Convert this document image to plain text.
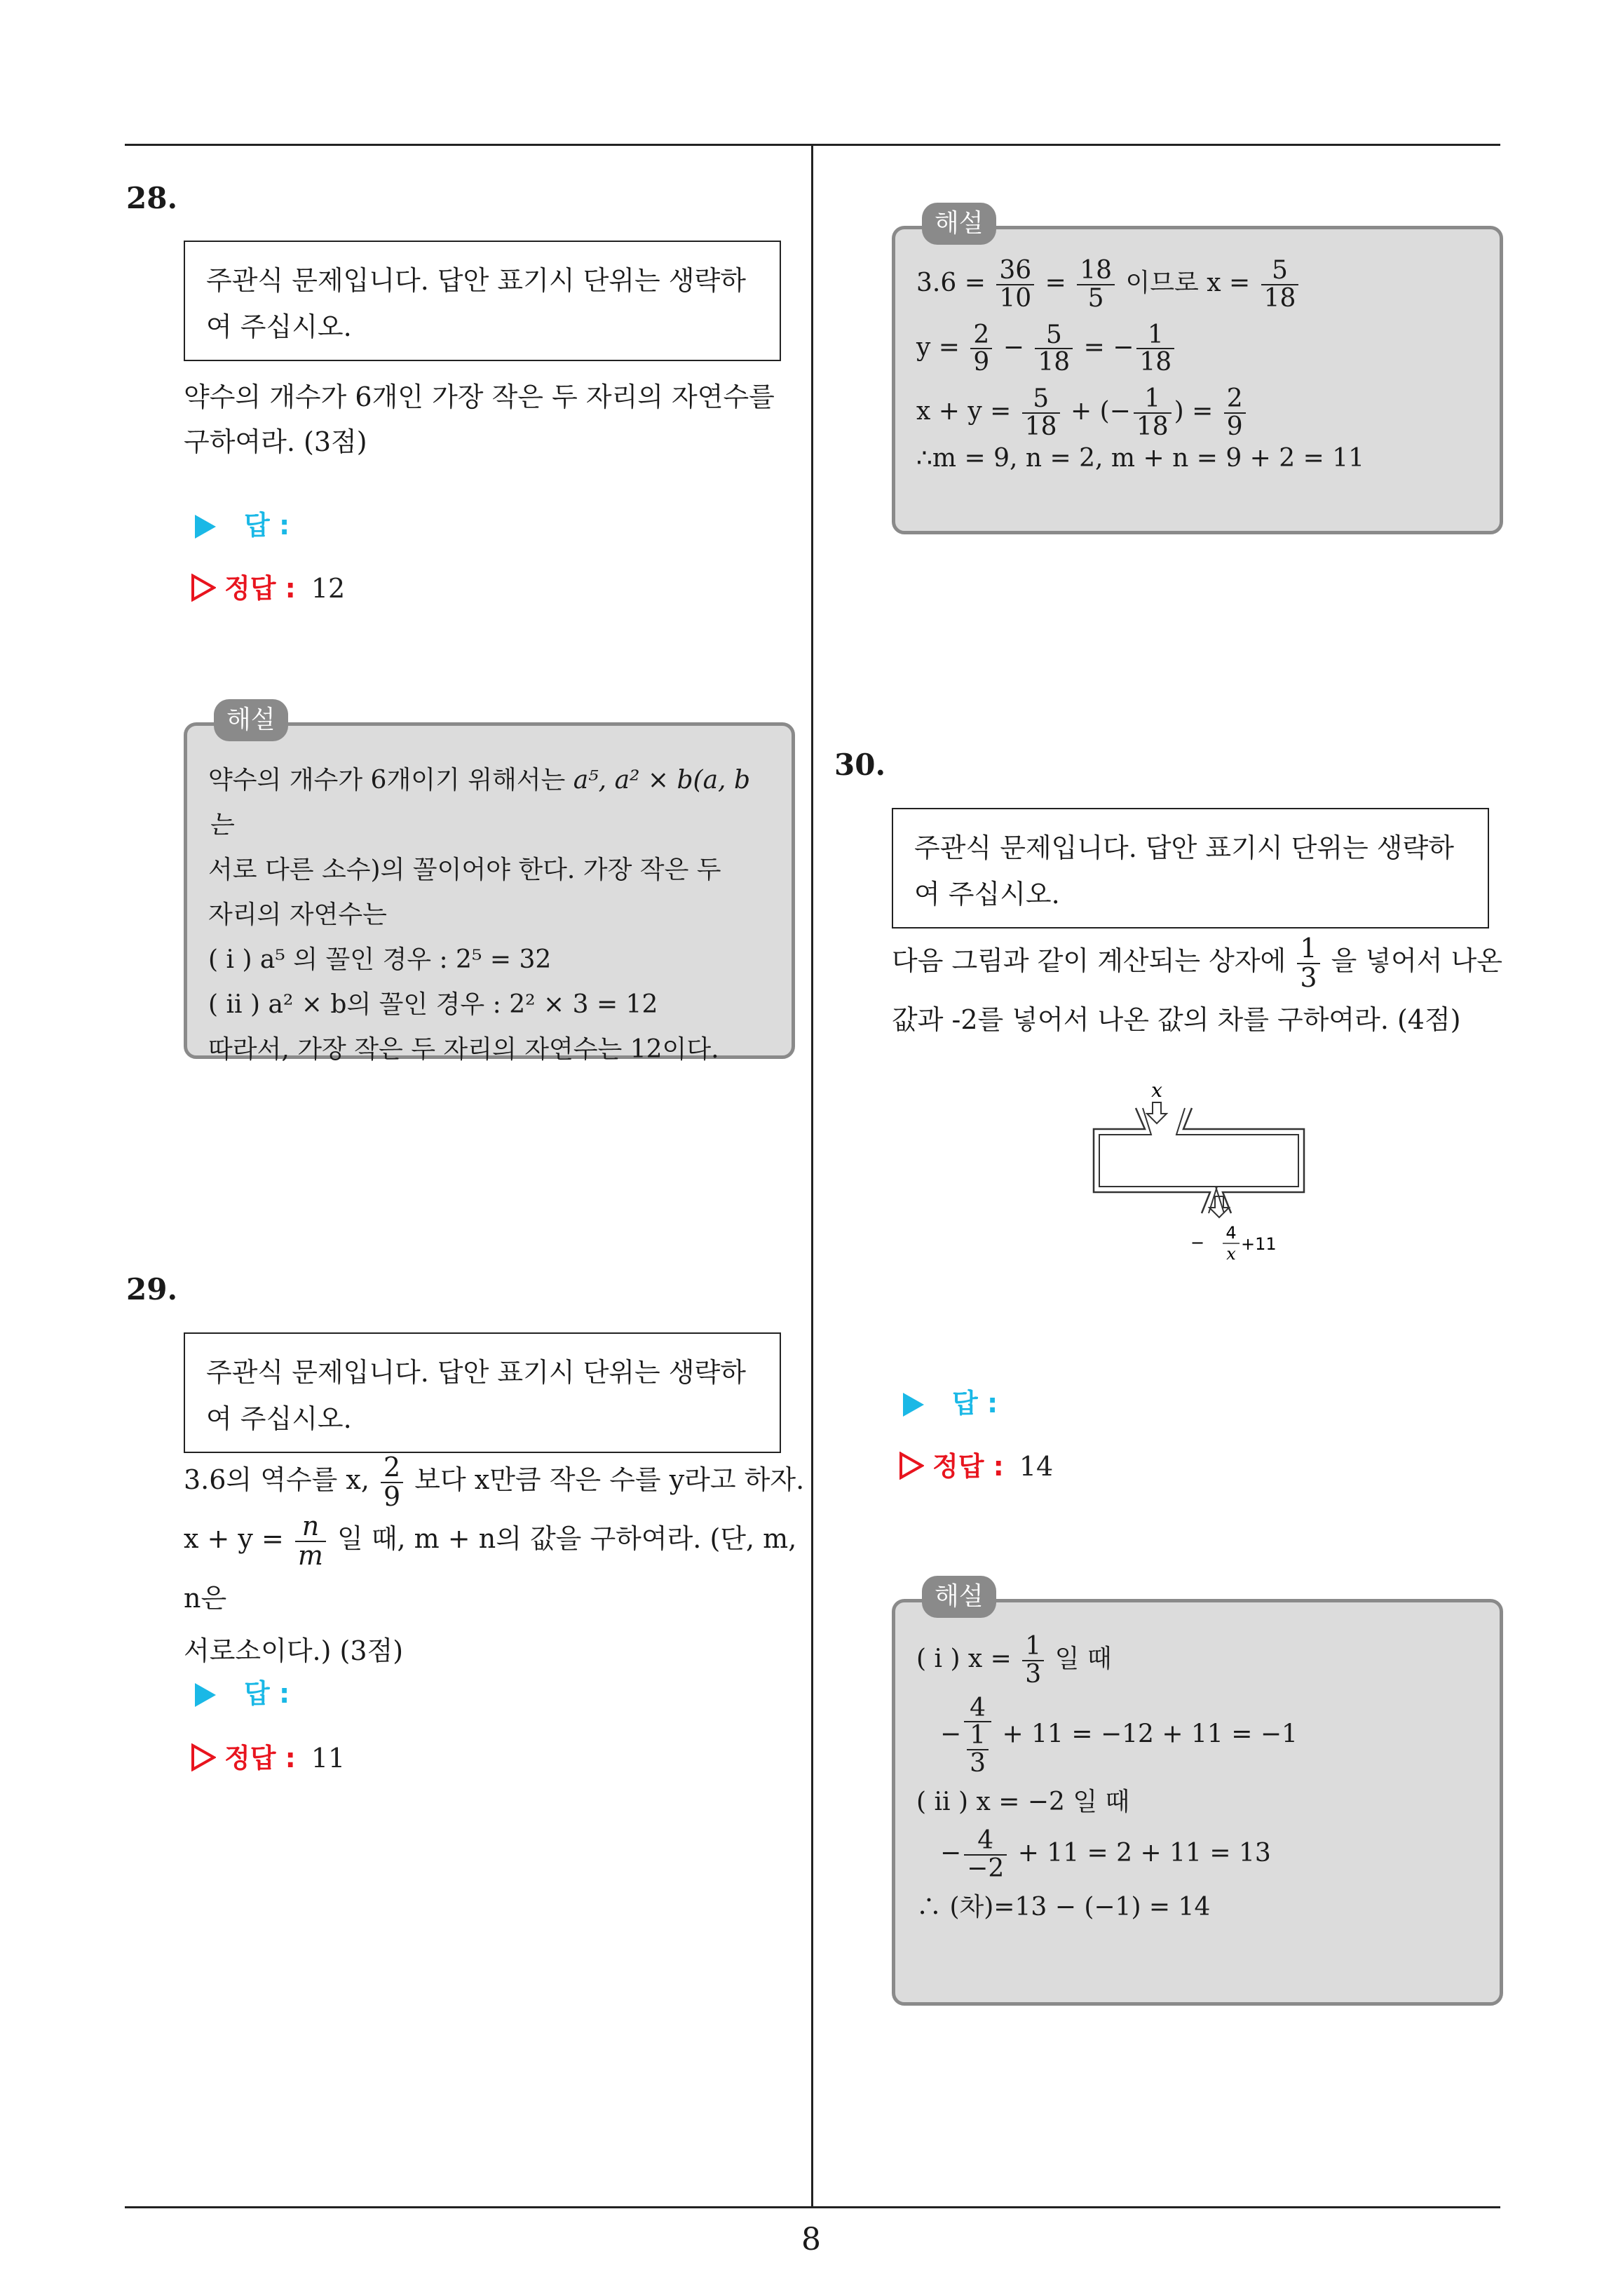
28.
주관식 문제입니다. 답안 표기시 단위는 생략하여 주십시오.
약수의 개수가 6개인 가장 작은 두 자리의 자연수를
구하여라. (3점)
답 :
정답 : 12
해설
약수의 개수가 6개이기 위해서는 a⁵, a² × b(a, b는
서로 다른 소수)의 꼴이어야 한다. 가장 작은 두
자리의 자연수는
( i ) a⁵ 의 꼴인 경우 : 2⁵ = 32
( ii ) a² × b의 꼴인 경우 : 2² × 3 = 12
따라서, 가장 작은 두 자리의 자연수는 12이다.
29.
주관식 문제입니다. 답안 표기시 단위는 생략하여 주십시오.
3.6의 역수를 x, $\frac{2}{9}$ 보다 x만큼 작은 수를 y라고 하자.
$x + y = \frac{n}{m}$ 일 때, m + n의 값을 구하여라. (단, m, n은
서로소이다.) (3점)
답 :
정답 : 11
해설
$3.6 = \frac{36}{10} = \frac{18}{5}$ 이므로 $x = \frac{5}{18}$
$y = \frac{2}{9} - \frac{5}{18}$ = − $\frac{1}{18}$
$x + y = \frac{5}{18}$ + (− $\frac{1}{18}$ ) = $\frac{2}{9}$
∴m = 9, n = 2, m + n = 9 + 2 = 11
30.
주관식 문제입니다. 답안 표기시 단위는 생략하여 주십시오.
다음 그림과 같이 계산되는 상자에 $\frac{1}{3}$ 을 넣어서 나온
값과 -2를 넣어서 나온 값의 차를 구하여라. (4점)
x
− 4
x +11
답 :
정답 : 14
해설
( i ) $x = \frac{1}{3}$ 일 때
− 4
1
3 + 11 = −12 + 11 = −1
( ii ) x = −2 일 때
− $\frac{4}{-2} + 11 = 2 + 11 = 13$
∴ (차)=13 − (−1) = 14
8
